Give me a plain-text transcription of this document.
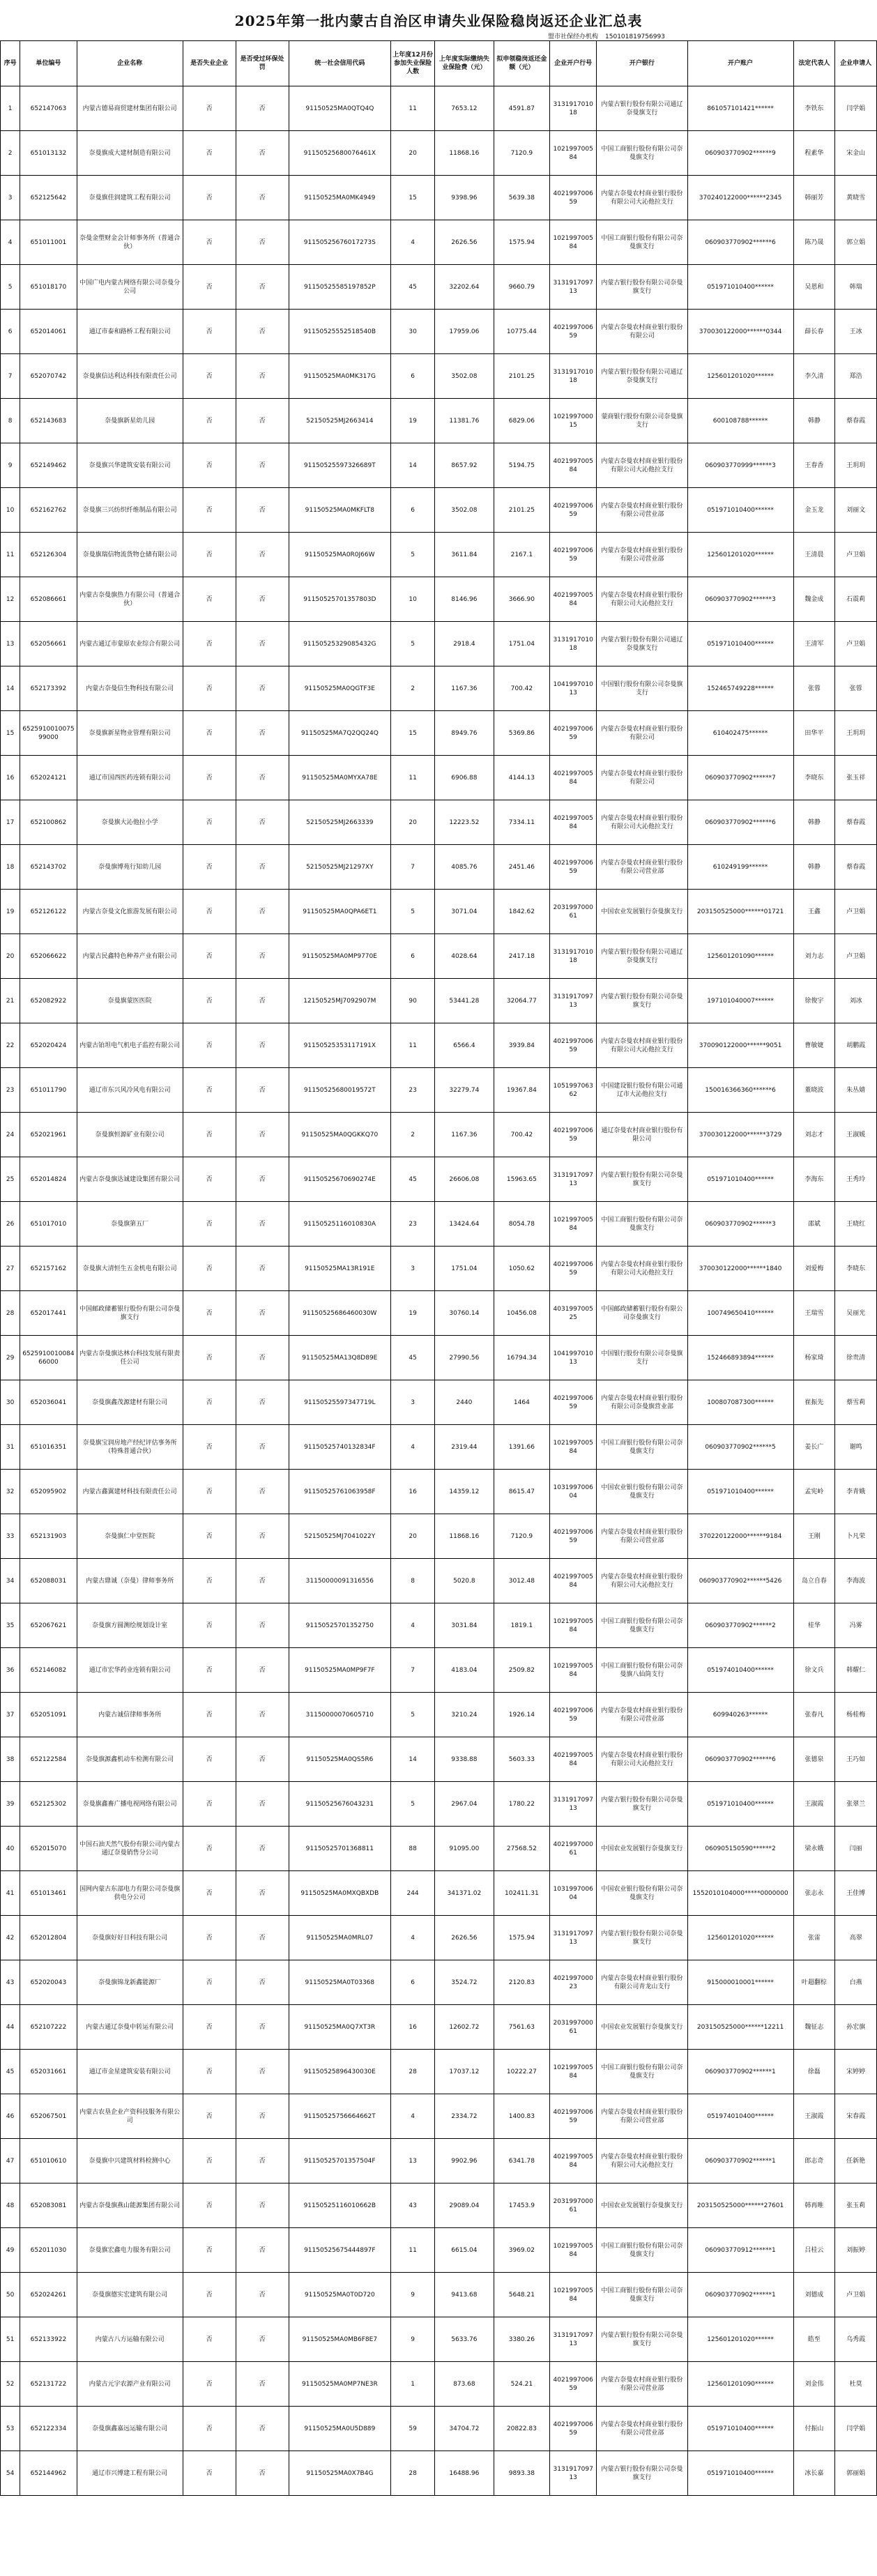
2025年第一批内蒙古自治区申请失业保险稳岗返还企业汇总表
盟市社保经办机构 150101819756993
序号	单位编号	企业名称	是否失业企业	是否受过环保处罚	统一社会信用代码	上年度12月份参加失业保险人数	上年度实际缴纳失业保险费（元）	拟申领稳岗返还金额（元）	企业开户行号	开户银行	开户账户	法定代表人	企业申请人
1	652147063	内蒙古德易商贸建材集团有限公司	否	否	91150525MA0QTQ4Q	11	7653.12	4591.87	313191701018	内蒙古银行股份有限公司通辽奈曼旗支行	861057101421******	李铁东	闫学娟
2	651013132	奈曼旗成大建材制造有限公司	否	否	91150525680076461X	20	11868.16	7120.9	102199700584	中国工商银行股份有限公司奈曼旗支行	060903770902******9	程素华	宋金山
3	652125642	奈曼旗佳润建筑工程有限公司	否	否	91150525MA0MK4949	15	9398.96	5639.38	402199700659	内蒙古奈曼农村商业银行股份有限公司大沁他拉支行	370240122000******2345	韩丽芳	黄晓雪
4	651011001	奈曼金塑财金会计师事务所（普通合伙）	否	否	91150525676017273S	4	2626.56	1575.94	102199700584	中国工商银行股份有限公司奈曼旗支行	060903770902******6	陈乃晟	郭立娟
5	651018170	中国广电内蒙古网络有限公司奈曼分公司	否	否	91150525585197852P	45	32202.64	9660.79	313191709713	内蒙古银行股份有限公司奈曼旗支行	051971010400******	吴恩和	韩瑞
6	652014061	通辽市泰和路桥工程有限公司	否	否	91150525552518540B	30	17959.06	10775.44	402199700659	内蒙古奈曼农村商业银行股份有限公司	370030122000******0344	薛长春	王冰
7	652070742	奈曼旗信达利达科技有限责任公司	否	否	91150525MA0MK317G	6	3502.08	2101.25	313191701018	内蒙古银行股份有限公司通辽奈曼旗支行	125601201020******	李久清	郑浩
8	652143683	奈曼旗新星幼儿园	否	否	52150525MJ2663414	19	11381.76	6829.06	102199700015	蒙商银行股份有限公司奈曼旗支行	600108788******	韩静	蔡春霞
9	652149462	奈曼旗兴华建筑安装有限公司	否	否	91150525597326689T	14	8657.92	5194.75	402199700584	内蒙古奈曼农村商业银行股份有限公司大沁他拉支行	060903770999******3	王春香	王玥玥
10	652162762	奈曼旗三兴纺织纤维制品有限公司	否	否	91150525MA0MKFLT8	6	3502.08	2101.25	402199700659	内蒙古奈曼农村商业银行股份有限公司营业部	051971010400******	金玉龙	刘丽文
11	652126304	奈曼旗瑞信物流货物仓储有限公司	否	否	91150525MA0R0J66W	5	3611.84	2167.1	402199700659	内蒙古奈曼农村商业银行股份有限公司营业部	125601201020******	王清晨	卢卫娟
12	652086661	内蒙古奈曼旗热力有限公司（普通合伙）	否	否	91150525701357803D	10	8146.96	3666.90	402199700584	内蒙古奈曼农村商业银行股份有限公司大沁他拉支行	060903770902******3	魏金成	石震莉
13	652056661	内蒙古通辽市蒙原农业综合有限公司	否	否	91150525329085432G	5	2918.4	1751.04	313191701018	内蒙古银行股份有限公司通辽奈曼旗支行	051971010400******	王清军	卢卫娟
14	652173392	内蒙古奈曼信生物科技有限公司	否	否	91150525MA0QGTF3E	2	1167.36	700.42	104199701013	中国银行股份有限公司奈曼旗支行	152465749228******	张蓉	张蓉
15	652591001007599000	奈曼旗新星物业管理有限公司	否	否	91150525MA7Q2QQ24Q	15	8949.76	5369.86	402199700659	内蒙古奈曼农村商业银行股份有限公司	610402475******	田华平	王玥玥
16	652024121	通辽市国西医药连锁有限公司	否	否	91150525MA0MYXA78E	11	6906.88	4144.13	402199700584	内蒙古奈曼农村商业银行股份有限公司	060903770902******7	李晓东	张玉祥
17	652100862	奈曼旗大沁他拉小学	否	否	52150525MJ2663339	20	12223.52	7334.11	402199700584	内蒙古奈曼农村商业银行股份有限公司大沁他拉支行	060903770902******6	韩静	蔡春霞
18	652143702	奈曼旗博苑行知幼儿园	否	否	52150525MJ21297XY	7	4085.76	2451.46	402199700659	内蒙古奈曼农村商业银行股份有限公司营业部	610249199******	韩静	蔡春霞
19	652126122	内蒙古奈曼文化旅游发展有限公司	否	否	91150525MA0QPA6ET1	5	3071.04	1842.62	203199700061	中国农业发展银行奈曼旗支行	203150525000******01721	王鑫	卢卫娟
20	652066622	内蒙古民鑫特色种养产业有限公司	否	否	91150525MA0MP9770E	6	4028.64	2417.18	313191701018	内蒙古银行股份有限公司通辽奈曼旗支行	125601201090******	刘力志	卢卫娟
21	652082922	奈曼旗蒙医医院	否	否	12150525MJ7092907M	90	53441.28	32064.77	313191709713	内蒙古银行股份有限公司奈曼旗支行	197101040007******	徐俊宇	刘冰
22	652020424	内蒙古铂坦电气机电子监控有限公司	否	否	91150525353117191X	11	6566.4	3939.84	402199700659	内蒙古奈曼农村商业银行股份有限公司大沁他拉支行	370090122000******9051	曹敏婕	胡鹏霞
23	651011790	通辽市东兴风冷风电有限公司	否	否	91150525680019572T	23	32279.74	19367.84	105199706362	中国建设银行股份有限公司通辽市大沁他拉支行	150016366360******6	董晓波	朱丛婧
24	652021961	奈曼旗恒源矿业有限公司	否	否	91150525MA0QGKKQ70	2	1167.36	700.42	402199700659	通辽奈曼农村商业银行股份有限公司	370030122000******3729	刘志才	王淑媛
25	652014824	内蒙古奈曼旗达诚建设集团有限公司	否	否	91150525670690274E	45	26606.08	15963.65	313191709713	内蒙古银行股份有限公司奈曼旗支行	051971010400******	李海东	王秀玲
26	651017010	奈曼旗第五厂	否	否	91150525116010830A	23	13424.64	8054.78	102199700584	中国工商银行股份有限公司奈曼旗支行	060903770902******3	邵斌	王晓红
27	652157162	奈曼旗大清恒生五金机电有限公司	否	否	91150525MA13R191E	3	1751.04	1050.62	402199700659	内蒙古奈曼农村商业银行股份有限公司大沁他拉支行	370030122000******1840	刘爱梅	李晓东
28	652017441	中国邮政储蓄银行股份有限公司奈曼旗支行	否	否	91150525686460030W	19	30760.14	10456.08	403199700525	中国邮政储蓄银行股份有限公司奈曼旗支行	100749650410******	王瑞雪	吴丽光
29	652591001008466000	内蒙古奈曼旗达林台科技发展有限责任公司	否	否	91150525MA13Q8D89E	45	27990.56	16794.34	104199701013	中国银行股份有限公司奈曼旗支行	152466893894******	杨家琦	徐贵清
30	652036041	奈曼旗鑫茂源建材有限公司	否	否	91150525597347719L	3	2440	1464	402199700659	内蒙古奈曼农村商业银行股份有限公司奈曼旗营业部	100807087300******	崔振先	蔡雪莉
31	651016351	奈曼旗宝润房地产经纪评估事务所（特殊普通合伙）	否	否	91150525740132834F	4	2319.44	1391.66	102199700584	中国工商银行股份有限公司奈曼旗支行	060903770902******5	姜长广	谢鸣
32	652095902	内蒙古鑫翼建材科技有限责任公司	否	否	91150525761063958F	16	14359.12	8615.47	103199700604	中国农业银行股份有限公司奈曼旗支行	051971010400******	孟宪岭	李青娥
33	652131903	奈曼旗仁中堂医院	否	否	52150525MJ7041022Y	20	11868.16	7120.9	402199700659	内蒙古奈曼农村商业银行股份有限公司营业部	370220122000******9184	王刚	卜凡荣
34	652088031	内蒙古鼎诚（奈曼）律师事务所	否	否	31150000091316556	8	5020.8	3012.48	402199700584	内蒙古奈曼农村商业银行股份有限公司大沁他拉支行	060903770902******5426	岛立自春	李海波
35	652067621	奈曼旗方圆测绘规划设计室	否	否	91150525701352750	4	3031.84	1819.1	102199700584	中国工商银行股份有限公司奈曼旗支行	060903770902******2	桂华	冯雾
36	652146082	通辽市宏华药业连锁有限公司	否	否	91150525MA0MP9F7F	7	4183.04	2509.82	102199700584	中国工商银行股份有限公司奈曼旗八仙筒支行	051974010400******	徐文兵	韩耀仁
37	652051091	内蒙古诚信律师事务所	否	否	31150000070605710	5	3210.24	1926.14	402199700659	内蒙古奈曼农村商业银行股份有限公司营业部	609940263******	张春凡	杨桂梅
38	652122584	奈曼旗源鑫机动车检测有限公司	否	否	91150525MA0QS5R6	14	9338.88	5603.33	402199700584	内蒙古奈曼农村商业银行股份有限公司大沁他拉支行	060903770902******6	张德泉	王巧如
39	652125302	奈曼旗鑫畜广播电视网络有限公司	否	否	91150525676043231	5	2967.04	1780.22	313191709713	内蒙古银行股份有限公司奈曼旗支行	051971010400******	王淑霞	张翠兰
40	652015070	中国石油天然气股份有限公司内蒙古通辽奈曼销售分公司	否	否	91150525701368811	88	91095.00	27568.52	402199700061	中国农业发展银行奈曼旗支行	060905150590******2	梁永娥	闫丽
41	651013461	国网内蒙古东部电力有限公司奈曼旗供电分公司	否	否	91150525MA0MXQBXDB	244	341371.02	102411.31	103199700604	中国农业银行股份有限公司奈曼旗支行	1552010104000*****0000000	张志永	王佳博
42	652012804	奈曼旗好好日科技有限公司	否	否	91150525MA0MRL07	4	2626.56	1575.94	313191709713	内蒙古银行股份有限公司奈曼旗支行	125601201020******	张雷	高翠
43	652020043	奈曼旗锦龙新鑫能源厂	否	否	91150525MA0T03368	6	3524.72	2120.83	402199700023	内蒙古奈曼农村商业银行股份有限公司青龙山支行	915000010001******	叶超翻棕	白燕
44	652107222	内蒙古通辽奈曼中转运有限公司	否	否	91150525MA0Q7XT3R	16	12602.72	7561.63	203199700061	中国农业发展银行奈曼旗支行	203150525000******12211	魏征志	孙宏旗
45	652031661	通辽市金星建筑安装有限公司	否	否	91150525896430030E	28	17037.12	10222.27	102199700584	中国工商银行股份有限公司奈曼旗支行	060903770902******1	徐磊	宋婷婷
46	652067501	内蒙古农垦企业产资科技服务有限公司	否	否	91150525756664662T	4	2334.72	1400.83	402199700659	内蒙古奈曼农村商业银行股份有限公司营业部	051974010400******	王淑霞	宋春霞
47	651010610	奈曼旗中兴建筑材料检测中心	否	否	91150525701357504F	13	9902.96	6341.78	402199700584	内蒙古奈曼农村商业银行股份有限公司大沁他拉支行	060903770902******1	郎志奇	任新艳
48	652083081	内蒙古奈曼旗燕山能源集团有限公司	否	否	91150525116010662B	43	29089.04	17453.9	203199700061	中国农业发展银行奈曼旗支行	203150525000******27601	韩再唯	张玉莉
49	652011030	奈曼旗宏鑫电力服务有限公司	否	否	91150525675444897F	11	6615.04	3969.02	102199700584	中国工商银行股份有限公司奈曼旗支行	060903770912******1	吕桂云	刘振婷
50	652024261	奈曼旗德实宏建筑有限公司	否	否	91150525MA0T0D720	9	9413.68	5648.21	102199700584	中国工商银行股份有限公司奈曼旗支行	060903770902******1	刘德成	卢卫娟
51	652133922	内蒙古八方运输有限公司	否	否	91150525MA0MB6F8E7	9	5633.76	3380.26	313191709713	内蒙古银行股份有限公司奈曼旗支行	125601201020******	皓至	乌秀霞
52	652131722	内蒙古元宇农源产业有限公司	否	否	91150525MA0MP7NE3R	1	873.68	524.21	402199700659	内蒙古奈曼农村商业银行股份有限公司营业部	125601201090******	刘金伟	杜莫
53	652122334	奈曼旗鑫嘉远运输有限公司	否	否	91150525MA0U5D889	59	34704.72	20822.83	402199700659	内蒙古奈曼农村商业银行股份有限公司营业部	051971010400******	付振山	闫学娟
54	652144962	通辽市兴博建工程有限公司	否	否	91150525MA0X7B4G	28	16488.96	9893.38	313191709713	内蒙古银行股份有限公司奈曼旗支行	051971010400******	冰长嘉	郭丽娟
